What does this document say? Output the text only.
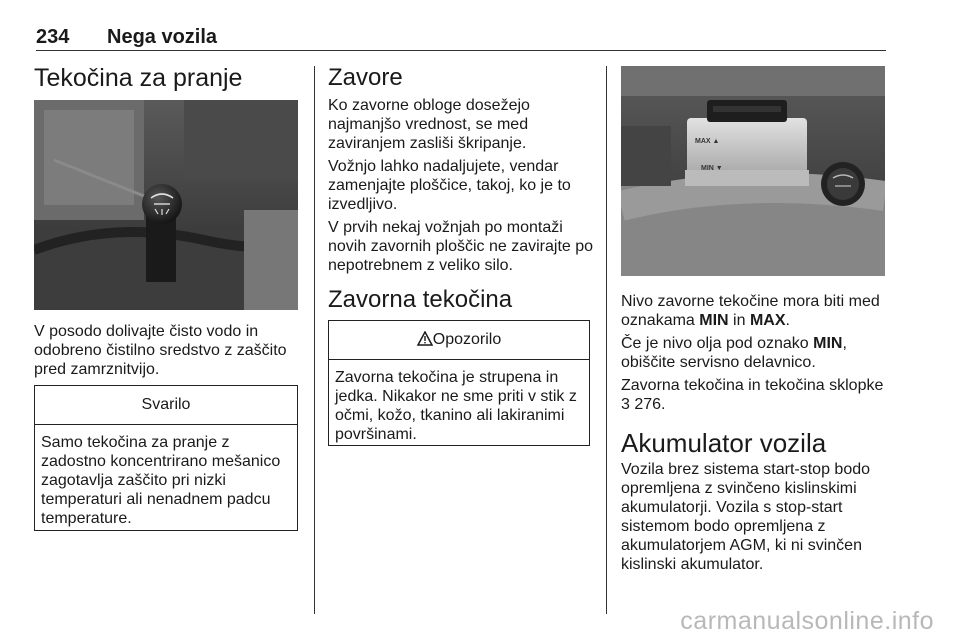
234 Nega vozila
Tekočina za pranje

V posodo dolivajte čisto vodo in odobreno čistilno sredstvo z zaščito pred zamrznitvijo.

Svarilo
Samo tekočina za pranje z zadostno koncentrirano mešanico zagotavlja zaščito pri nizki temperaturi ali nenadnem padcu temperature.
Zavore

Ko zavorne obloge dosežejo najmanjšo vrednost, se med zaviranjem zasliši škripanje.

Vožnjo lahko nadaljujete, vendar zamenjajte ploščice, takoj, ko je to izvedljivo.

V prvih nekaj vožnjah po montaži novih zavornih ploščic ne zavirajte po nepotrebnem z veliko silo.

Zavorna tekočina
Opozorilo
Zavorna tekočina je strupena in jedka. Nikakor ne sme priti v stik z očmi, kožo, tkanino ali lakiranimi površinami.
MAX ▲
MIN ▼

Nivo zavorne tekočine mora biti med oznakama MIN in MAX.

Če je nivo olja pod oznako MIN, obiščite servisno delavnico.

Zavorna tekočina in tekočina sklopke
3 276.

Akumulator vozila

Vozila brez sistema start-stop bodo opremljena z svinčeno kislinskimi akumulatorji. Vozila s stop-start sistemom bodo opremljena z akumulatorjem AGM, ki ni svinčen kislinski akumulator.

carmanualsonline.info
